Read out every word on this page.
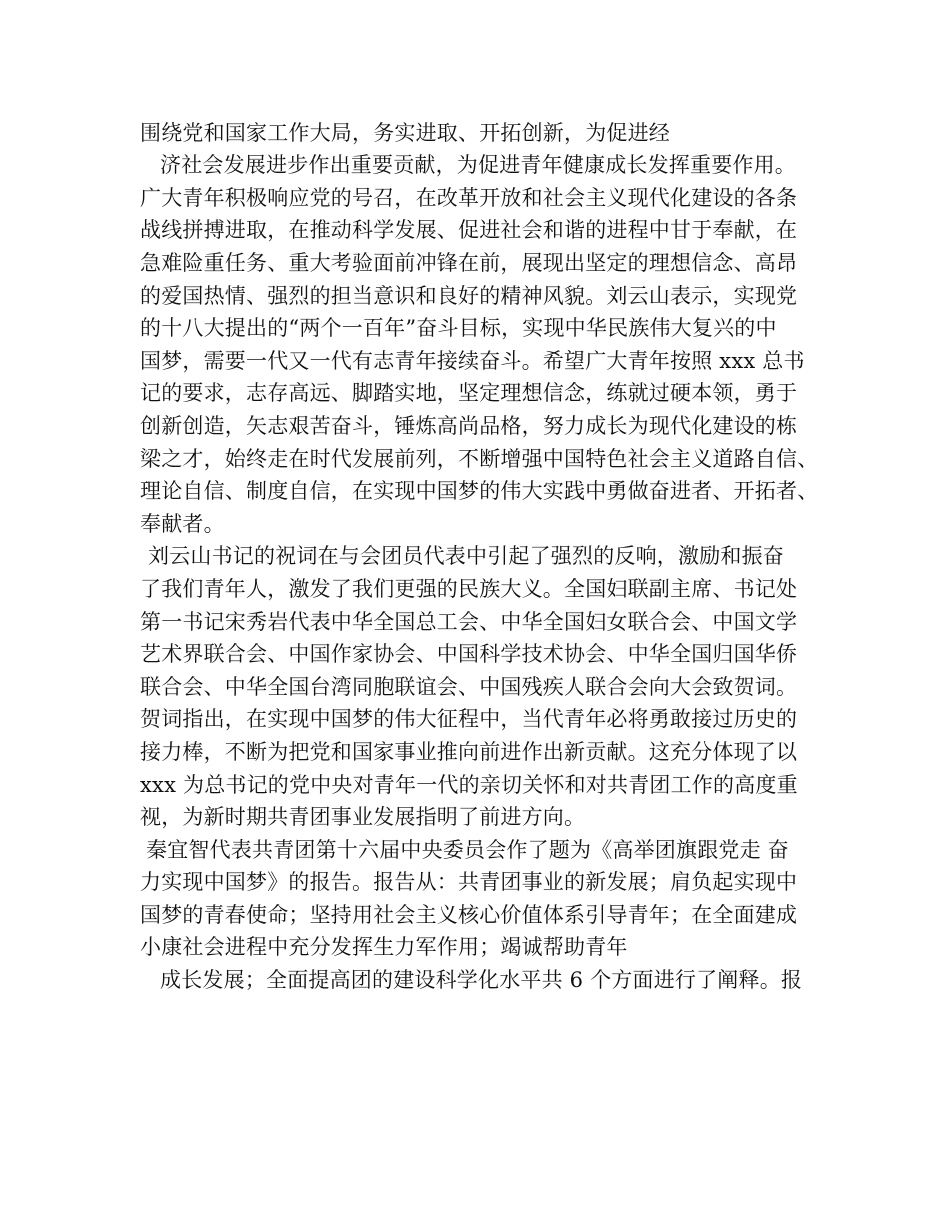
围绕党和国家工作大局，务实进取、开拓创新，为促进经
济社会发展进步作出重要贡献，为促进青年健康成长发挥重要作用。
广大青年积极响应党的号召，在改革开放和社会主义现代化建设的各条
战线拼搏进取，在推动科学发展、促进社会和谐的进程中甘于奉献，在
急难险重任务、重大考验面前冲锋在前，展现出坚定的理想信念、高昂
的爱国热情、强烈的担当意识和良好的精神风貌。刘云山表示，实现党
的十八大提出的“两个一百年”奋斗目标，实现中华民族伟大复兴的中
国梦，需要一代又一代有志青年接续奋斗。希望广大青年按照 xxx 总书
记的要求，志存高远、脚踏实地，坚定理想信念，练就过硬本领，勇于
创新创造，矢志艰苦奋斗，锤炼高尚品格，努力成长为现代化建设的栋
梁之才，始终走在时代发展前列，不断增强中国特色社会主义道路自信、
理论自信、制度自信，在实现中国梦的伟大实践中勇做奋进者、开拓者、
奉献者。
刘云山书记的祝词在与会团员代表中引起了强烈的反响，激励和振奋
了我们青年人，激发了我们更强的民族大义。全国妇联副主席、书记处
第一书记宋秀岩代表中华全国总工会、中华全国妇女联合会、中国文学
艺术界联合会、中国作家协会、中国科学技术协会、中华全国归国华侨
联合会、中华全国台湾同胞联谊会、中国残疾人联合会向大会致贺词。
贺词指出，在实现中国梦的伟大征程中，当代青年必将勇敢接过历史的
接力棒，不断为把党和国家事业推向前进作出新贡献。这充分体现了以
xxx 为总书记的党中央对青年一代的亲切关怀和对共青团工作的高度重
视，为新时期共青团事业发展指明了前进方向。
秦宜智代表共青团第十六届中央委员会作了题为《高举团旗跟党走 奋
力实现中国梦》的报告。报告从：共青团事业的新发展；肩负起实现中
国梦的青春使命；坚持用社会主义核心价值体系引导青年；在全面建成
小康社会进程中充分发挥生力军作用；竭诚帮助青年
成长发展；全面提高团的建设科学化水平共 6 个方面进行了阐释。报
